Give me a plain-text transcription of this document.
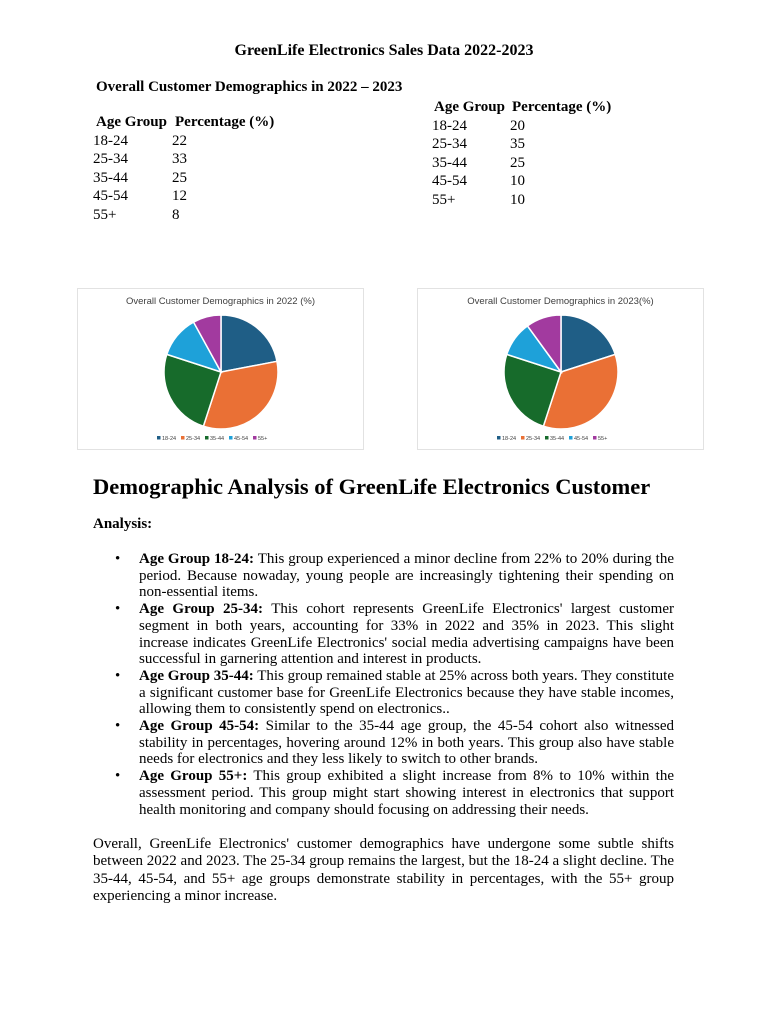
GreenLife Electronics Sales Data 2022-2023
Overall Customer Demographics in 2022 – 2023
Age Group Percentage (%)
18-24	22
25-34	33
35-44	25
45-54	12
55+	8
Age Group Percentage (%)
18-24	20
25-34	35
35-44	25
45-54	10
55+	10
Overall Customer Demographics in 2022 (%)
18-24 25-34 35-44 45-54 55+
Overall Customer Demographics in 2023(%)
18-24 25-34 35-44 45-54 55+
Demographic Analysis of GreenLife Electronics Customer
Analysis:
• Age Group 18-24: This group experienced a minor decline from 22% to 20% during the period. Because nowaday, young people are increasingly tightening their spending on non-essential items.
• Age Group 25-34: This cohort represents GreenLife Electronics' largest customer segment in both years, accounting for 33% in 2022 and 35% in 2023. This slight increase indicates GreenLife Electronics' social media advertising campaigns have been successful in garnering attention and interest in products.
• Age Group 35-44: This group remained stable at 25% across both years. They constitute a significant customer base for GreenLife Electronics because they have stable incomes, allowing them to consistently spend on electronics..
• Age Group 45-54: Similar to the 35-44 age group, the 45-54 cohort also witnessed stability in percentages, hovering around 12% in both years. This group also have stable needs for electronics and they less likely to switch to other brands.
• Age Group 55+: This group exhibited a slight increase from 8% to 10% within the assessment period. This group might start showing interest in electronics that support health monitoring and company should focusing on addressing their needs.
Overall, GreenLife Electronics' customer demographics have undergone some subtle shifts between 2022 and 2023. The 25-34 group remains the largest, but the 18-24 a slight decline. The 35-44, 45-54, and 55+ age groups demonstrate stability in percentages, with the 55+ group experiencing a minor increase.
